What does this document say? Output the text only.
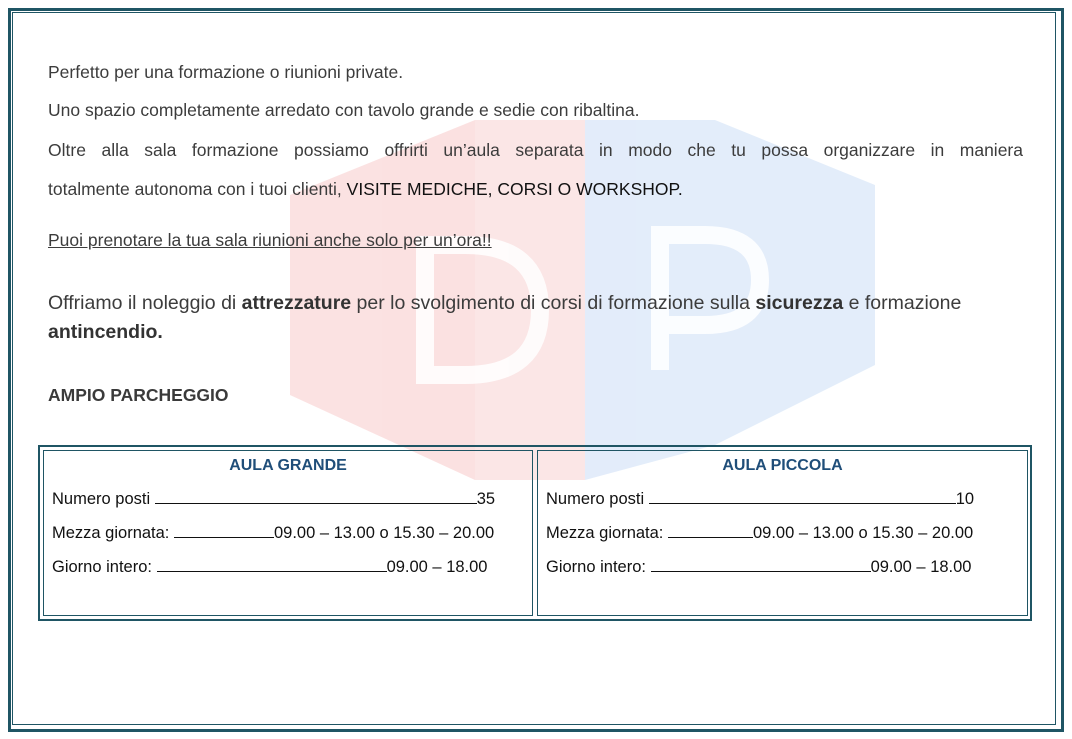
Perfetto per una formazione o riunioni private.
Uno spazio completamente arredato con tavolo grande e sedie con ribaltina.
Oltre alla sala formazione possiamo offrirti un’aula separata in modo che tu possa organizzare in maniera
totalmente autonoma con i tuoi clienti, VISITE MEDICHE, CORSI O WORKSHOP.
Puoi prenotare la tua sala riunioni anche solo per un’ora!!
Offriamo il noleggio di attrezzature per lo svolgimento di corsi di formazione sulla sicurezza e formazione
antincendio.
AMPIO PARCHEGGIO
AULA GRANDE
Numero posti	35
Mezza giornata:	09.00 – 13.00 o 15.30 – 20.00
Giorno intero:	09.00 – 18.00
AULA PICCOLA
Numero posti	10
Mezza giornata:	09.00 – 13.00 o 15.30 – 20.00
Giorno intero:	09.00 – 18.00
